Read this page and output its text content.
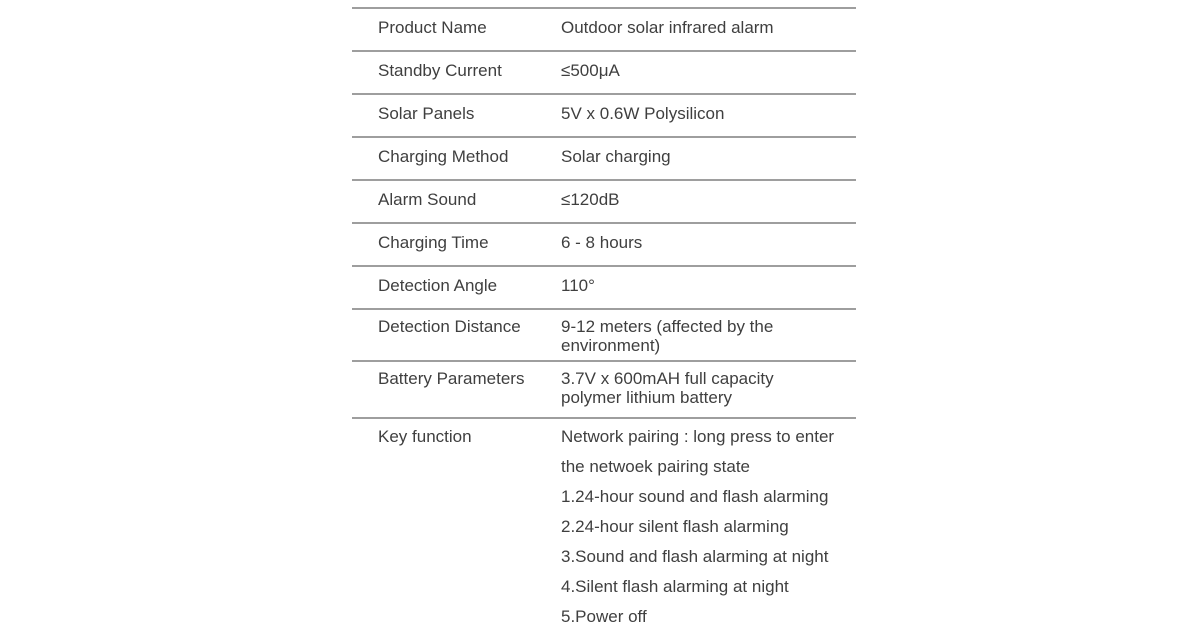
Product Name	Outdoor solar infrared alarm
Standby Current	≤500μA
Solar Panels	5V x 0.6W Polysilicon
Charging Method	Solar charging
Alarm Sound	≤120dB
Charging Time	6 - 8 hours
Detection Angle	110°
Detection Distance	9-12 meters (affected by the
environment)
Battery Parameters	3.7V x 600mAH full capacity
polymer lithium battery
Key function	Network pairing : long press to enter
the netwoek pairing state
1.24-hour sound and flash alarming
2.24-hour silent flash alarming
3.Sound and flash alarming at night
4.Silent flash alarming at night
5.Power off
